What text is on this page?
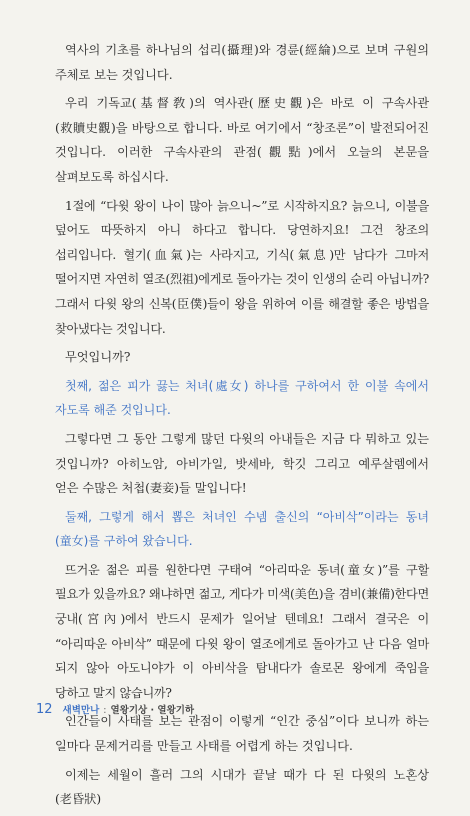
역사의 기초를 하나님의 섭리(攝理)와 경륜(經綸)으로 보며 구원의 주체로 보는 것입니다.

우리 기독교(基督敎)의 역사관(歷史觀)은 바로 이 구속사관(救贖史觀)을 바탕으로 합니다. 바로 여기에서 “창조론”이 발전되어진 것입니다. 이러한 구속사관의 관점(觀點)에서 오늘의 본문을 살펴보도록 하십시다.

1절에 “다윗 왕이 나이 많아 늙으니~”로 시작하지요? 늙으니, 이불을 덮어도 따뜻하지 아니 하다고 합니다. 당연하지요! 그건 창조의 섭리입니다. 혈기(血氣)는 사라지고, 기식(氣息)만 남다가 그마저 떨어지면 자연히 열조(烈祖)에게로 돌아가는 것이 인생의 순리 아닙니까? 그래서 다윗 왕의 신복(臣僕)들이 왕을 위하여 이를 해결할 좋은 방법을 찾아냈다는 것입니다.

무엇입니까?

첫째, 젊은 피가 끓는 처녀(處女) 하나를 구하여서 한 이불 속에서 자도록 해준 것입니다.

그렇다면 그 동안 그렇게 많던 다윗의 아내들은 지금 다 뭐하고 있는 것입니까? 아히노암, 아비가일, 밧세바, 학깃 그리고 예루살렘에서 얻은 수많은 처첩(妻妾)들 말입니다!

둘째, 그렇게 해서 뽑은 처녀인 수넴 출신의 “아비삭”이라는 동녀(童女)를 구하여 왔습니다.

뜨거운 젊은 피를 원한다면 구태여 “아리따운 동녀(童女)”를 구할 필요가 있을까요? 왜냐하면 젊고, 게다가 미색(美色)을 겸비(兼備)한다면 궁내(宮內)에서 반드시 문제가 일어날 텐데요! 그래서 결국은 이 “아리따운 아비삭” 때문에 다윗 왕이 열조에게로 돌아가고 난 다음 얼마 되지 않아 아도니야가 이 아비삭을 탐내다가 솔로몬 왕에게 죽임을 당하고 말지 않습니까?

인간들이 사태를 보는 관점이 이렇게 “인간 중심”이다 보니까 하는 일마다 문제거리를 만들고 사태를 어렵게 하는 것입니다.

이제는 세월이 흘러 그의 시대가 끝날 때가 다 된 다윗의 노혼상(老昏狀)

12 새벽만나 : 열왕기상 · 열왕기하
